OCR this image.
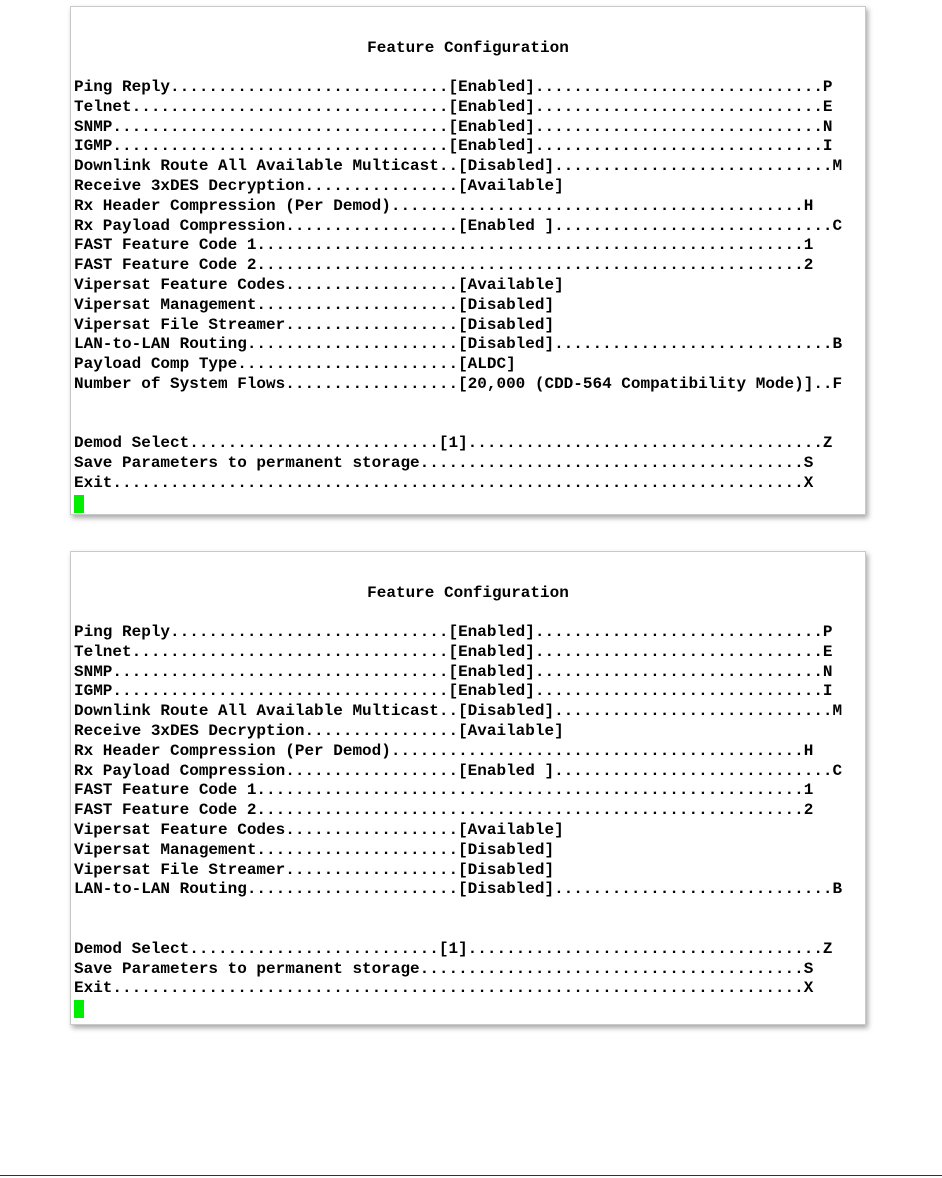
Feature Configuration
Ping Reply.............................[Enabled]..............................P
Telnet.................................[Enabled]..............................E
SNMP...................................[Enabled]..............................N
IGMP...................................[Enabled]..............................I
Downlink Route All Available Multicast..[Disabled].............................M
Receive 3xDES Decryption................[Available]
Rx Header Compression (Per Demod)...........................................H
Rx Payload Compression..................[Enabled ].............................C
FAST Feature Code 1.........................................................1
FAST Feature Code 2.........................................................2
Vipersat Feature Codes..................[Available]
Vipersat Management.....................[Disabled]
Vipersat File Streamer..................[Disabled]
LAN-to-LAN Routing......................[Disabled].............................B
Payload Comp Type.......................[ALDC]
Number of System Flows..................[20,000 (CDD-564 Compatibility Mode)]..F
Demod Select..........................[1].....................................Z
Save Parameters to permanent storage........................................S
Exit........................................................................X
Feature Configuration
Ping Reply.............................[Enabled]..............................P
Telnet.................................[Enabled]..............................E
SNMP...................................[Enabled]..............................N
IGMP...................................[Enabled]..............................I
Downlink Route All Available Multicast..[Disabled].............................M
Receive 3xDES Decryption................[Available]
Rx Header Compression (Per Demod)...........................................H
Rx Payload Compression..................[Enabled ].............................C
FAST Feature Code 1.........................................................1
FAST Feature Code 2.........................................................2
Vipersat Feature Codes..................[Available]
Vipersat Management.....................[Disabled]
Vipersat File Streamer..................[Disabled]
LAN-to-LAN Routing......................[Disabled].............................B
Demod Select..........................[1].....................................Z
Save Parameters to permanent storage........................................S
Exit........................................................................X
